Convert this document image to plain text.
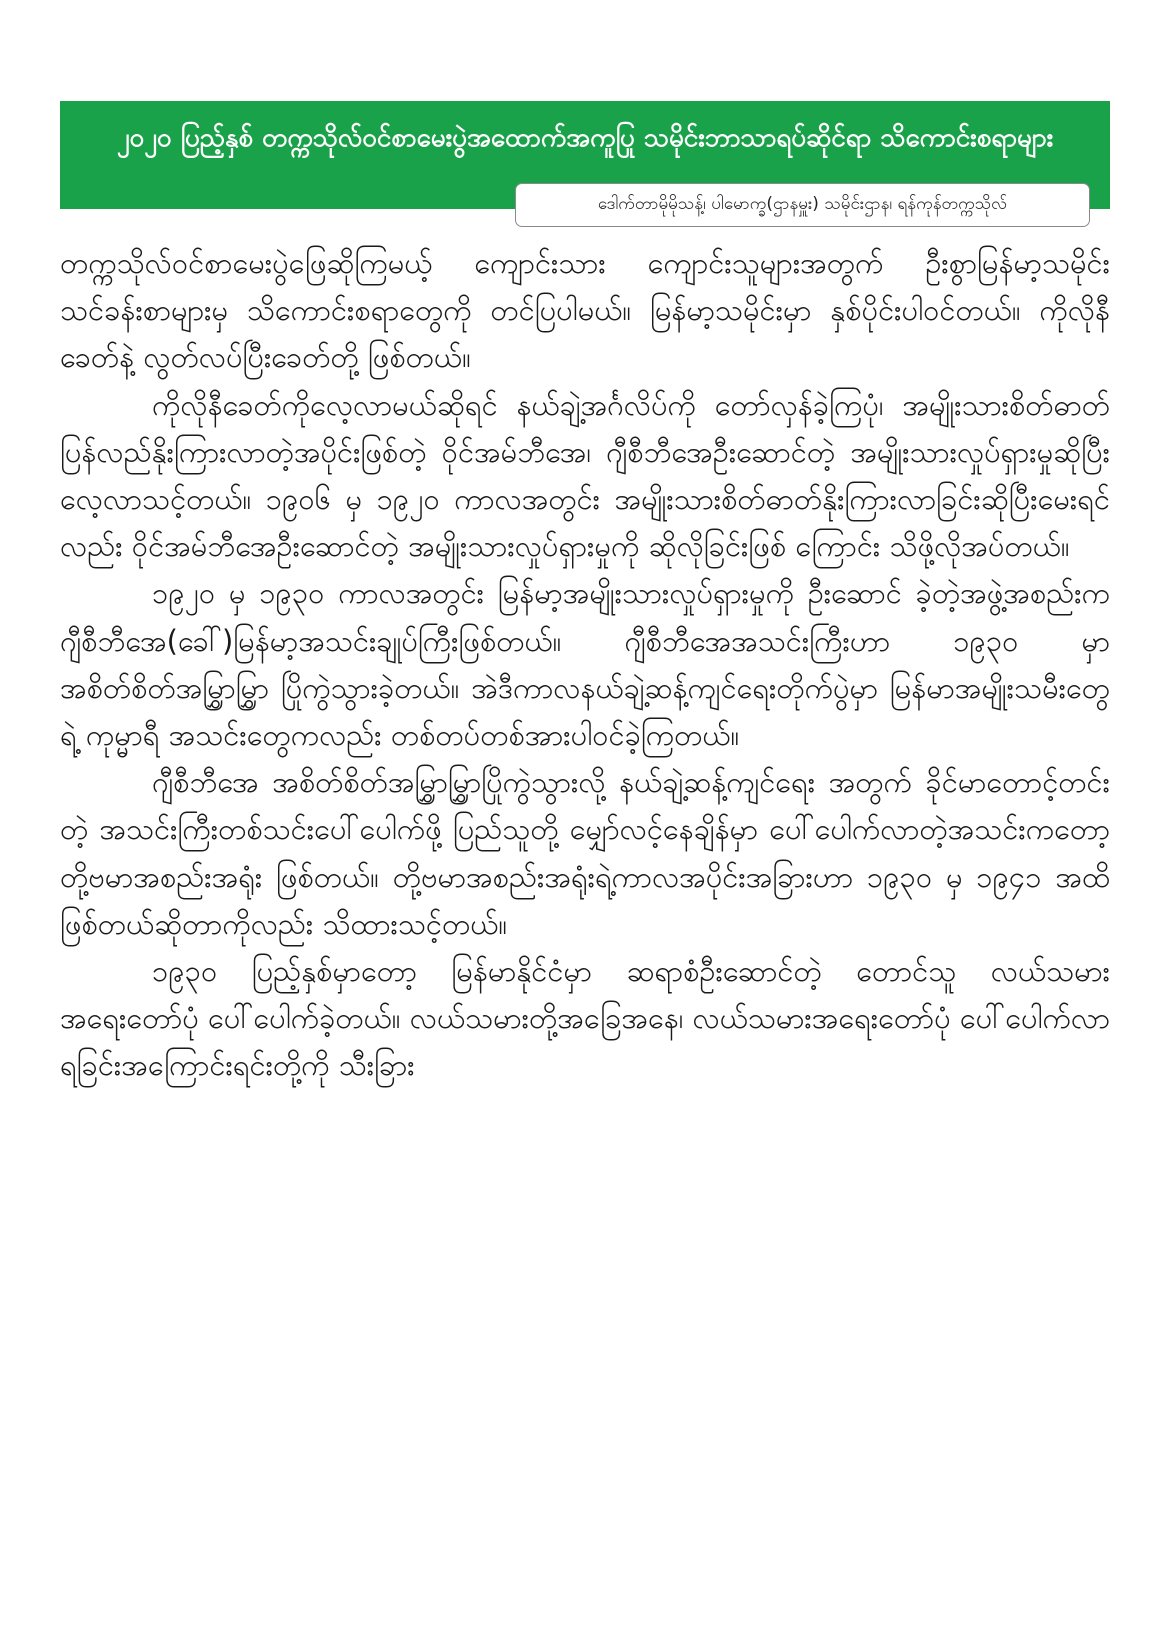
၂၀၂၀ ပြည့်နှစ် တက္ကသိုလ်ဝင်စာမေးပွဲအထောက်အကူပြု သမိုင်းဘာသာရပ်ဆိုင်ရာ သိကောင်းစရာများ
ဒေါက်တာမိုမိုသန့်၊ ပါမောက္ခ(ဌာနမှူး) သမိုင်းဌာန၊ ရန်ကုန်တက္ကသိုလ်

တက္ကသိုလ်ဝင်စာမေးပွဲဖြေဆိုကြမယ့် ကျောင်းသား ကျောင်းသူများအတွက် ဦးစွာမြန်မာ့သမိုင်း သင်ခန်းစာများမှ သိကောင်းစရာတွေကို တင်ပြပါမယ်။ မြန်မာ့သမိုင်းမှာ နှစ်ပိုင်းပါဝင်တယ်။ ကိုလိုနီခေတ်နဲ့ လွတ်လပ်ပြီးခေတ်တို့ ဖြစ်တယ်။

ကိုလိုနီခေတ်ကိုလေ့လာမယ်ဆိုရင် နယ်ချဲ့အင်္ဂလိပ်ကို တော်လှန်ခဲ့ကြပုံ၊ အမျိုးသားစိတ်ဓာတ် ပြန်လည်နိုးကြားလာတဲ့အပိုင်းဖြစ်တဲ့ ဝိုင်အမ်ဘီအေ၊ ဂျီစီဘီအေဦးဆောင်တဲ့ အမျိုးသားလှုပ်ရှားမှုဆိုပြီး လေ့လာသင့်တယ်။ ၁၉၀၆ မှ ၁၉၂၀ ကာလအတွင်း အမျိုးသားစိတ်ဓာတ်နိုးကြားလာခြင်းဆိုပြီးမေးရင် လည်း ဝိုင်အမ်ဘီအေဦးဆောင်တဲ့ အမျိုးသားလှုပ်ရှားမှုကို ဆိုလိုခြင်းဖြစ် ကြောင်း သိဖို့လိုအပ်တယ်။

၁၉၂၀ မှ ၁၉၃၀ ကာလအတွင်း မြန်မာ့အမျိုးသားလှုပ်ရှားမှုကို ဦးဆောင် ခဲ့တဲ့အဖွဲ့အစည်းက ဂျီစီဘီအေ(ခေါ်)မြန်မာ့အသင်းချုပ်ကြီးဖြစ်တယ်။ ဂျီစီဘီအေအသင်းကြီးဟာ ၁၉၃၀ မှာ အစိတ်စိတ်အမြွှာမြွှာ ပြိုကွဲသွားခဲ့တယ်။ အဲဒီကာလနယ်ချဲ့ဆန့်ကျင်ရေးတိုက်ပွဲမှာ မြန်မာအမျိုးသမီးတွေရဲ့ ကုမ္မာရီ အသင်းတွေကလည်း တစ်တပ်တစ်အားပါဝင်ခဲ့ကြတယ်။

ဂျီစီဘီအေ အစိတ်စိတ်အမြွှာမြွှာပြိုကွဲသွားလို့ နယ်ချဲ့ဆန့်ကျင်ရေး အတွက် ခိုင်မာတောင့်တင်းတဲ့ အသင်းကြီးတစ်သင်းပေါ်ပေါက်ဖို့ ပြည်သူတို့ မျှော်လင့်နေချိန်မှာ ပေါ်ပေါက်လာတဲ့အသင်းကတော့ တို့ဗမာအစည်းအရုံး ဖြစ်တယ်။ တို့ဗမာအစည်းအရုံးရဲ့ကာလအပိုင်းအခြားဟာ ၁၉၃၀ မှ ၁၉၄၁ အထိဖြစ်တယ်ဆိုတာကိုလည်း သိထားသင့်တယ်။

၁၉၃၀ ပြည့်နှစ်မှာတော့ မြန်မာနိုင်ငံမှာ ဆရာစံဦးဆောင်တဲ့ တောင်သူ လယ်သမားအရေးတော်ပုံ ပေါ်ပေါက်ခဲ့တယ်။ လယ်သမားတို့အခြေအနေ၊ လယ်သမားအရေးတော်ပုံ ပေါ်ပေါက်လာရခြင်းအကြောင်းရင်းတို့ကို သီးခြား
